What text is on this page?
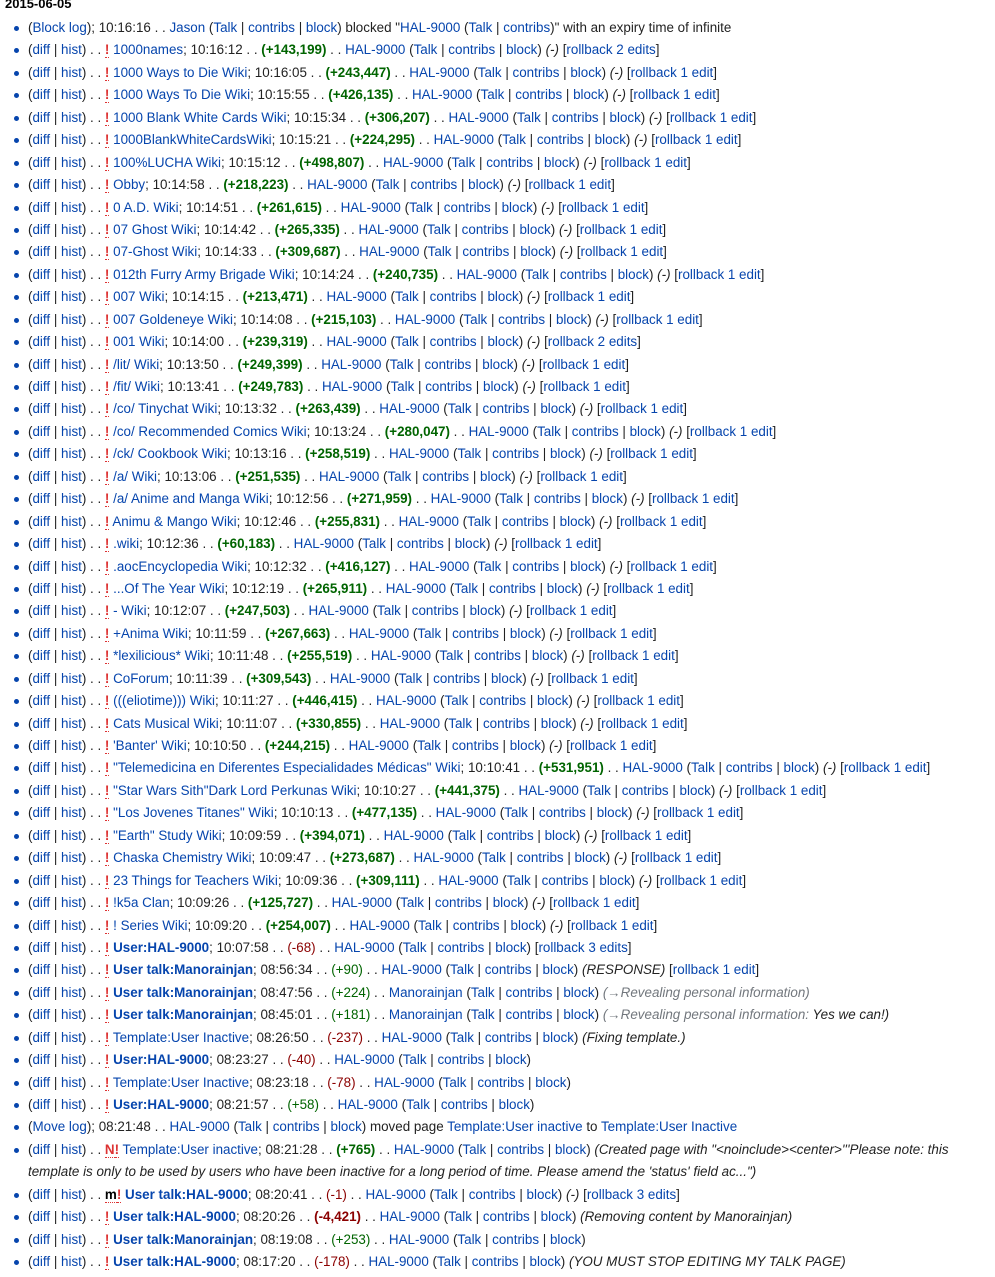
2015-06-05
(Block log); 10:16:16 . . Jason (Talk | contribs | block) blocked "HAL-9000 (Talk | contribs)" with an expiry time of infinite
(diff | hist) . . ! 1000names; 10:16:12 . . (+143,199) . . HAL-9000 (Talk | contribs | block) (-) [rollback 2 edits]
(diff | hist) . . ! 1000 Ways to Die Wiki; 10:16:05 . . (+243,447) . . HAL-9000 (Talk | contribs | block) (-) [rollback 1 edit]
(diff | hist) . . ! 1000 Ways To Die Wiki; 10:15:55 . . (+426,135) . . HAL-9000 (Talk | contribs | block) (-) [rollback 1 edit]
(diff | hist) . . ! 1000 Blank White Cards Wiki; 10:15:34 . . (+306,207) . . HAL-9000 (Talk | contribs | block) (-) [rollback 1 edit]
(diff | hist) . . ! 1000BlankWhiteCardsWiki; 10:15:21 . . (+224,295) . . HAL-9000 (Talk | contribs | block) (-) [rollback 1 edit]
(diff | hist) . . ! 100%LUCHA Wiki; 10:15:12 . . (+498,807) . . HAL-9000 (Talk | contribs | block) (-) [rollback 1 edit]
(diff | hist) . . ! Obby; 10:14:58 . . (+218,223) . . HAL-9000 (Talk | contribs | block) (-) [rollback 1 edit]
(diff | hist) . . ! 0 A.D. Wiki; 10:14:51 . . (+261,615) . . HAL-9000 (Talk | contribs | block) (-) [rollback 1 edit]
(diff | hist) . . ! 07 Ghost Wiki; 10:14:42 . . (+265,335) . . HAL-9000 (Talk | contribs | block) (-) [rollback 1 edit]
(diff | hist) . . ! 07-Ghost Wiki; 10:14:33 . . (+309,687) . . HAL-9000 (Talk | contribs | block) (-) [rollback 1 edit]
(diff | hist) . . ! 012th Furry Army Brigade Wiki; 10:14:24 . . (+240,735) . . HAL-9000 (Talk | contribs | block) (-) [rollback 1 edit]
(diff | hist) . . ! 007 Wiki; 10:14:15 . . (+213,471) . . HAL-9000 (Talk | contribs | block) (-) [rollback 1 edit]
(diff | hist) . . ! 007 Goldeneye Wiki; 10:14:08 . . (+215,103) . . HAL-9000 (Talk | contribs | block) (-) [rollback 1 edit]
(diff | hist) . . ! 001 Wiki; 10:14:00 . . (+239,319) . . HAL-9000 (Talk | contribs | block) (-) [rollback 2 edits]
(diff | hist) . . ! /lit/ Wiki; 10:13:50 . . (+249,399) . . HAL-9000 (Talk | contribs | block) (-) [rollback 1 edit]
(diff | hist) . . ! /fit/ Wiki; 10:13:41 . . (+249,783) . . HAL-9000 (Talk | contribs | block) (-) [rollback 1 edit]
(diff | hist) . . ! /co/ Tinychat Wiki; 10:13:32 . . (+263,439) . . HAL-9000 (Talk | contribs | block) (-) [rollback 1 edit]
(diff | hist) . . ! /co/ Recommended Comics Wiki; 10:13:24 . . (+280,047) . . HAL-9000 (Talk | contribs | block) (-) [rollback 1 edit]
(diff | hist) . . ! /ck/ Cookbook Wiki; 10:13:16 . . (+258,519) . . HAL-9000 (Talk | contribs | block) (-) [rollback 1 edit]
(diff | hist) . . ! /a/ Wiki; 10:13:06 . . (+251,535) . . HAL-9000 (Talk | contribs | block) (-) [rollback 1 edit]
(diff | hist) . . ! /a/ Anime and Manga Wiki; 10:12:56 . . (+271,959) . . HAL-9000 (Talk | contribs | block) (-) [rollback 1 edit]
(diff | hist) . . ! Animu & Mango Wiki; 10:12:46 . . (+255,831) . . HAL-9000 (Talk | contribs | block) (-) [rollback 1 edit]
(diff | hist) . . ! .wiki; 10:12:36 . . (+60,183) . . HAL-9000 (Talk | contribs | block) (-) [rollback 1 edit]
(diff | hist) . . ! .aocEncyclopedia Wiki; 10:12:32 . . (+416,127) . . HAL-9000 (Talk | contribs | block) (-) [rollback 1 edit]
(diff | hist) . . ! ...Of The Year Wiki; 10:12:19 . . (+265,911) . . HAL-9000 (Talk | contribs | block) (-) [rollback 1 edit]
(diff | hist) . . ! - Wiki; 10:12:07 . . (+247,503) . . HAL-9000 (Talk | contribs | block) (-) [rollback 1 edit]
(diff | hist) . . ! +Anima Wiki; 10:11:59 . . (+267,663) . . HAL-9000 (Talk | contribs | block) (-) [rollback 1 edit]
(diff | hist) . . ! *lexilicious* Wiki; 10:11:48 . . (+255,519) . . HAL-9000 (Talk | contribs | block) (-) [rollback 1 edit]
(diff | hist) . . ! CoForum; 10:11:39 . . (+309,543) . . HAL-9000 (Talk | contribs | block) (-) [rollback 1 edit]
(diff | hist) . . ! (((eliotime))) Wiki; 10:11:27 . . (+446,415) . . HAL-9000 (Talk | contribs | block) (-) [rollback 1 edit]
(diff | hist) . . ! Cats Musical Wiki; 10:11:07 . . (+330,855) . . HAL-9000 (Talk | contribs | block) (-) [rollback 1 edit]
(diff | hist) . . ! 'Banter' Wiki; 10:10:50 . . (+244,215) . . HAL-9000 (Talk | contribs | block) (-) [rollback 1 edit]
(diff | hist) . . ! "Telemedicina en Diferentes Especialidades Médicas" Wiki; 10:10:41 . . (+531,951) . . HAL-9000 (Talk | contribs | block) (-) [rollback 1 edit]
(diff | hist) . . ! "Star Wars Sith"Dark Lord Perkunas Wiki; 10:10:27 . . (+441,375) . . HAL-9000 (Talk | contribs | block) (-) [rollback 1 edit]
(diff | hist) . . ! "Los Jovenes Titanes" Wiki; 10:10:13 . . (+477,135) . . HAL-9000 (Talk | contribs | block) (-) [rollback 1 edit]
(diff | hist) . . ! "Earth" Study Wiki; 10:09:59 . . (+394,071) . . HAL-9000 (Talk | contribs | block) (-) [rollback 1 edit]
(diff | hist) . . ! Chaska Chemistry Wiki; 10:09:47 . . (+273,687) . . HAL-9000 (Talk | contribs | block) (-) [rollback 1 edit]
(diff | hist) . . ! 23 Things for Teachers Wiki; 10:09:36 . . (+309,111) . . HAL-9000 (Talk | contribs | block) (-) [rollback 1 edit]
(diff | hist) . . ! !k5a Clan; 10:09:26 . . (+125,727) . . HAL-9000 (Talk | contribs | block) (-) [rollback 1 edit]
(diff | hist) . . ! ! Series Wiki; 10:09:20 . . (+254,007) . . HAL-9000 (Talk | contribs | block) (-) [rollback 1 edit]
(diff | hist) . . ! User:HAL-9000; 10:07:58 . . (-68) . . HAL-9000 (Talk | contribs | block) [rollback 3 edits]
(diff | hist) . . ! User talk:Manorainjan; 08:56:34 . . (+90) . . HAL-9000 (Talk | contribs | block) (RESPONSE) [rollback 1 edit]
(diff | hist) . . ! User talk:Manorainjan; 08:47:56 . . (+224) . . Manorainjan (Talk | contribs | block) (→Revealing personal information)
(diff | hist) . . ! User talk:Manorainjan; 08:45:01 . . (+181) . . Manorainjan (Talk | contribs | block) (→Revealing personal information: Yes we can!)
(diff | hist) . . ! Template:User Inactive; 08:26:50 . . (-237) . . HAL-9000 (Talk | contribs | block) (Fixing template.)
(diff | hist) . . ! User:HAL-9000; 08:23:27 . . (-40) . . HAL-9000 (Talk | contribs | block)
(diff | hist) . . ! Template:User Inactive; 08:23:18 . . (-78) . . HAL-9000 (Talk | contribs | block)
(diff | hist) . . ! User:HAL-9000; 08:21:57 . . (+58) . . HAL-9000 (Talk | contribs | block)
(Move log); 08:21:48 . . HAL-9000 (Talk | contribs | block) moved page Template:User inactive to Template:User Inactive
(diff | hist) . . N! Template:User inactive; 08:21:28 . . (+765) . . HAL-9000 (Talk | contribs | block) (Created page with "<noinclude><center>'''Please note: this template is only to be used by users who have been inactive for a long period of time. Please amend the 'status' field ac...")
(diff | hist) . . m! User talk:HAL-9000; 08:20:41 . . (-1) . . HAL-9000 (Talk | contribs | block) (-) [rollback 3 edits]
(diff | hist) . . ! User talk:HAL-9000; 08:20:26 . . (-4,421) . . HAL-9000 (Talk | contribs | block) (Removing content by Manorainjan)
(diff | hist) . . ! User talk:Manorainjan; 08:19:08 . . (+253) . . HAL-9000 (Talk | contribs | block)
(diff | hist) . . ! User talk:HAL-9000; 08:17:20 . . (-178) . . HAL-9000 (Talk | contribs | block) (YOU MUST STOP EDITING MY TALK PAGE)
